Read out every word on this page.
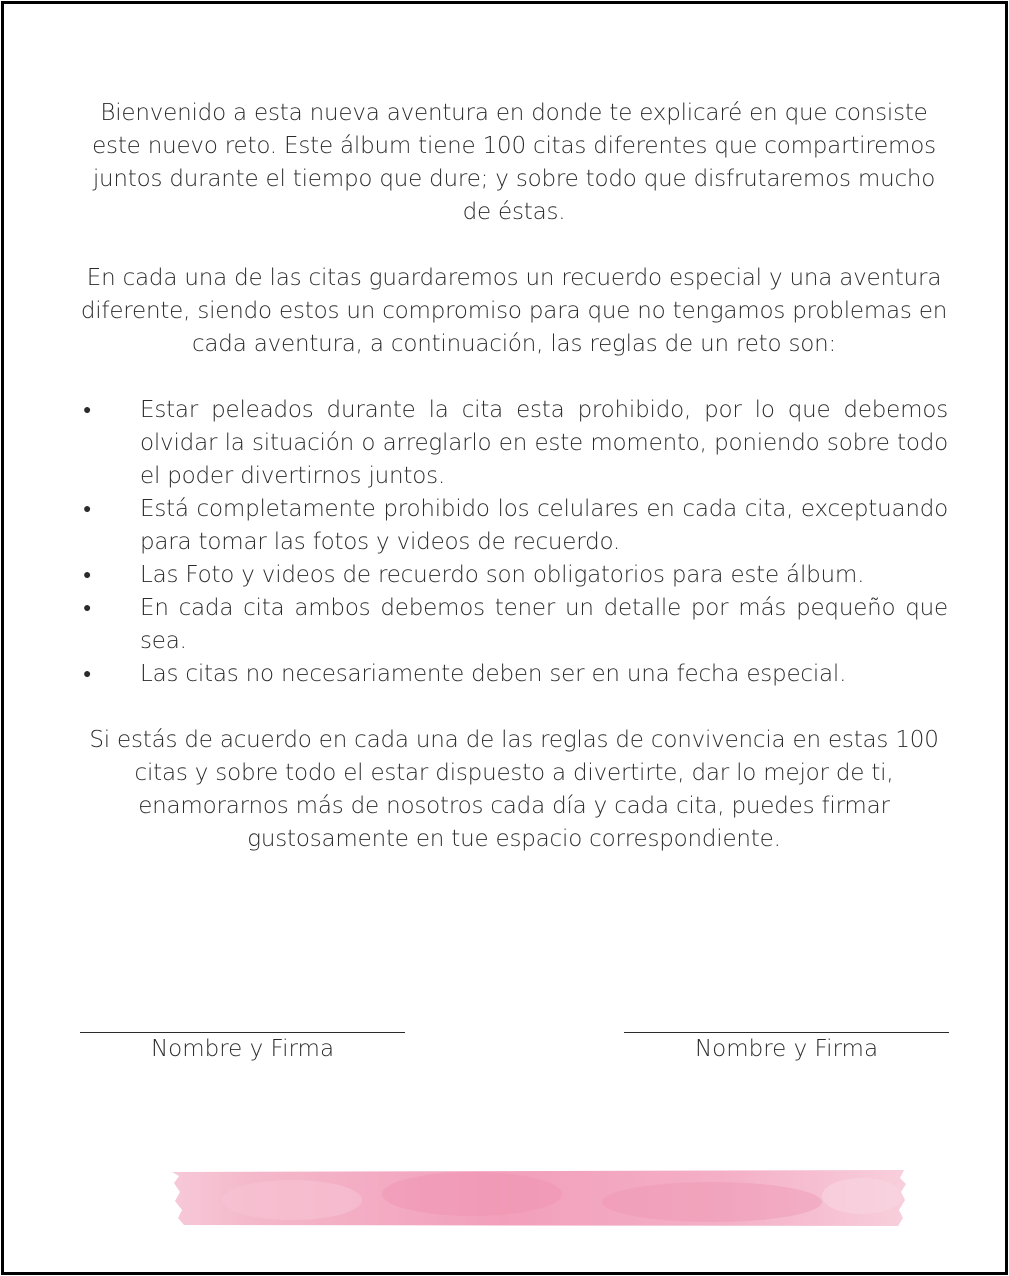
Bienvenido a esta nueva aventura en donde te explicaré en que consiste este nuevo reto. Este álbum tiene 100 citas diferentes que compartiremos juntos durante el tiempo que dure; y sobre todo que disfrutaremos mucho de éstas.

En cada una de las citas guardaremos un recuerdo especial y una aventura diferente, siendo estos un compromiso para que no tengamos problemas en cada aventura, a continuación, las reglas de un reto son:

● Estar peleados durante la cita esta prohibido, por lo que debemos olvidar la situación o arreglarlo en este momento, poniendo sobre todo el poder divertirnos juntos.
● Está completamente prohibido los celulares en cada cita, exceptuando para tomar las fotos y videos de recuerdo.
● Las Foto y videos de recuerdo son obligatorios para este álbum.
● En cada cita ambos debemos tener un detalle por más pequeño que sea.
● Las citas no necesariamente deben ser en una fecha especial.

Si estás de acuerdo en cada una de las reglas de convivencia en estas 100 citas y sobre todo el estar dispuesto a divertirte, dar lo mejor de ti, enamorarnos más de nosotros cada día y cada cita, puedes firmar gustosamente en tue espacio correspondiente.

Nombre y Firma	Nombre y Firma
